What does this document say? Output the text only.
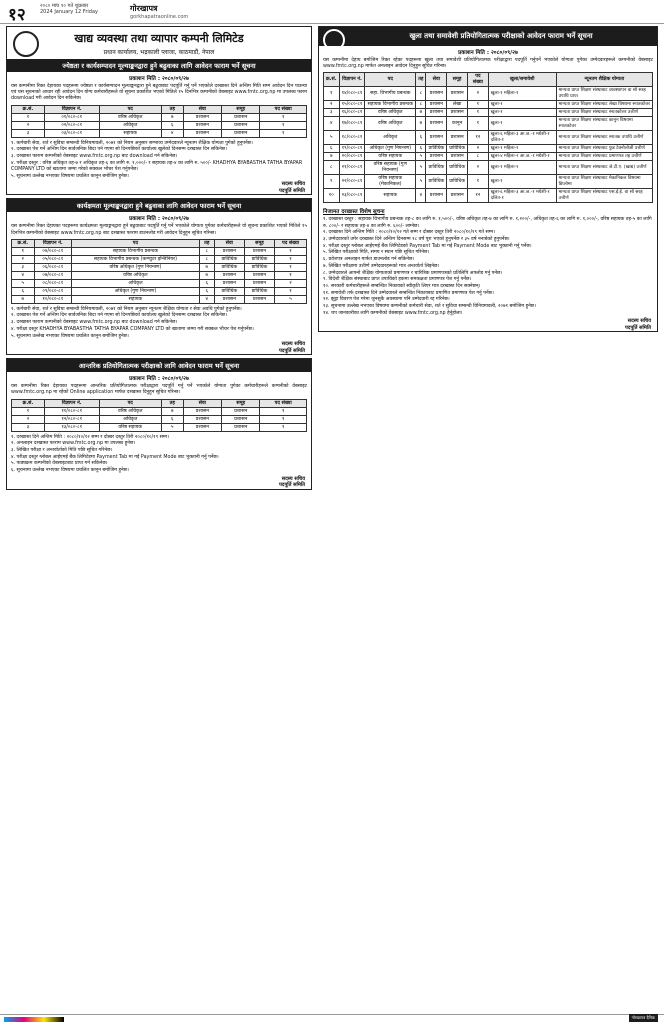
१२	२०८० माघ १० गते शुक्रबार
2024 January 12 Friday	गोरखापत्र
gorkhapatraonline.com
खाद्य व्यवस्था तथा व्यापार कम्पनी लिमिटेड
प्रधान कार्यालय, भद्रकाली प्लाजा, काठमाडौं, नेपाल
ज्येष्ठता र कार्यसम्पादन मूल्याङ्कनद्वारा हुने बढुवाका लागि आवेदन फाराम भर्ने सूचना
प्रकाशन मिति : २०८०/०९/२७
यस कम्पनीमा रिक्त देहायका पदहरूमा ज्येष्ठता र कार्यसम्पादन मूल्याङ्कनद्वारा हुने बढुवाबाट पदपूर्ति गर्नु पर्ने भएकोले दरखास्त दिने अन्तिम मिति सम्म आवेदन दिन पाउन्या एवं यस सूचनाको आधार रही आवेदन दिन योग्य कर्मचारीहरूले यो सूचना प्रकाशित भएको मितिले १५ दिनभित्र कम्पनीको वेबसाइट www.fmtc.org.np मा उपलब्ध फारम download गरी आवेदन दिन सकिनेछ।
क्र.सं.	विज्ञापन नं.	पद	तह	सेवा	समूह	पद संख्या
१	०१/०८०-८१	वरिष्ठ अधिकृत	७	प्रशासन	प्रशासन	१
२	०२/०८०-८१	अधिकृत	६	प्रशासन	प्रशासन	१
३	०३/०८०-८१	सहायक	४	प्रशासन	प्रशासन	१
१. कर्मचारी सेवा, शर्त र सुविधा सम्बन्धी विनियमावली, २०७१ को नियम अनुसार सम्भाव्य उम्मेदवारले न्यूनतम शैक्षिक योग्यता पुगेको हुनुपर्नेछ।
२. दरखास्त पेश गर्ने अन्तिम दिन सार्वजनिक बिदा पर्न गएमा सो दिनपछिको कार्यालय खुलेको दिनसम्म दरखास्त दिन सकिनेछ।
३. दरखास्त फाराम कम्पनीको वेबसाइट www.fmtc.org.np बाट download गर्न सकिनेछ।
४. परीक्षा दस्तुर : वरिष्ठ अधिकृत तह-७ र अधिकृत तह-६ का लागि रु. १,०००/- र सहायक तह-४ का लागि रु. ५००/- KHADHYA BYABASTHA TATHA BYAPAR COMPANY LTD को खातामा जम्मा गरेको सक्कल भौचर पेश गर्नुपर्नेछ।
५. सूचनामा उल्लेख नभएका विषयमा प्रचलित कानुन बमोजिम हुनेछ।
सदस्य सचिव
पदपूर्ति समिति
कार्यक्षमता मूल्याङ्कनद्वारा हुने बढुवाका लागि आवेदन फाराम भर्ने सूचना
प्रकाशन मिति : २०८०/०९/२७
यस कम्पनीमा रिक्त देहायका पदहरूमा कार्यक्षमता मूल्याङ्कनद्वारा हुने बढुवाबाट पदपूर्ति गर्नु पर्ने भएकोले योग्यता पुगेका कर्मचारीहरूले यो सूचना प्रकाशित भएको मितिले १५ दिनभित्र कम्पनीको वेबसाइट www.fmtc.org.np बाट दरखास्त फाराम डाउनलोड गरी आवेदन दिनुहुन सूचित गरिन्छ।
क्र.सं.	विज्ञापन नं.	पद	तह	सेवा	समूह	पद संख्या
१	०४/०८०-८१	सहायक विभागीय प्रबन्धक	८	प्रशासन	प्रशासन	१
२	०५/०८०-८१	सहायक विभागीय प्रबन्धक (कम्प्युटर इन्जिनियर)	८	प्राविधिक	प्राविधिक	१
३	०६/०८०-८१	वरिष्ठ अधिकृत (गुण नियन्त्रण)	७	प्राविधिक	प्राविधिक	१
४	०७/०८०-८१	वरिष्ठ अधिकृत	७	प्रशासन	प्रशासन	१
५	०८/०८०-८१	अधिकृत	६	प्रशासन	प्रशासन	२
६	०९/०८०-८१	अधिकृत (गुण नियन्त्रण)	६	प्राविधिक	प्राविधिक	१
७	१०/०८०-८१	सहायक	४	प्रशासन	प्रशासन	५
१. कर्मचारी सेवा, शर्त र सुविधा सम्बन्धी विनियमावली, २०७१ को नियम अनुसार न्यूनतम शैक्षिक योग्यता र सेवा अवधि पुगेको हुनुपर्नेछ।
२. दरखास्त पेश गर्ने अन्तिम दिन सार्वजनिक बिदा पर्न गएमा सो दिनपछिको कार्यालय खुलेको दिनसम्म दरखास्त दिन सकिनेछ।
३. दरखास्त फाराम कम्पनीको वेबसाइट www.fmtc.org.np बाट download गर्न सकिनेछ।
४. परीक्षा दस्तुर KHADHYA BYABASTHA TATHA BYAPAR COMPANY LTD को खातामा जम्मा गरी सक्कल भौचर पेश गर्नुपर्नेछ।
५. सूचनामा उल्लेख नभएका विषयमा प्रचलित कानुन बमोजिम हुनेछ।
सदस्य सचिव
पदपूर्ति समिति
आन्तरिक प्रतियोगितात्मक परीक्षाको लागि आवेदन फाराम भर्ने सूचना
प्रकाशन मिति : २०८०/०९/२७
यस कम्पनीमा रिक्त देहायका पदहरूमा आन्तरिक प्रतियोगितात्मक परीक्षाद्वारा पदपूर्ति गर्नु पर्ने भएकोले योग्यता पुगेका कर्मचारीहरूले कम्पनीको वेबसाइट www.fmtc.org.np मा रहेको Online application मार्फत दरखास्त दिनुहुन सूचित गरिन्छ।
क्र.सं.	विज्ञापन नं.	पद	तह	सेवा	समूह	पद संख्या
१	११/०८०-८१	वरिष्ठ अधिकृत	७	प्रशासन	प्रशासन	१
२	१२/०८०-८१	अधिकृत	६	प्रशासन	प्रशासन	१
३	१३/०८०-८१	वरिष्ठ सहायक	५	प्रशासन	प्रशासन	१
१. दरखास्त दिने अन्तिम मिति : २०८०/१०/१२ सम्म र दोब्बर दस्तुर तिरी २०८०/१०/१९ सम्म।
२. अनलाइन दरखास्त फाराम www.fmtc.org.np मा उपलब्ध हुनेछ।
३. लिखित परीक्षा र अन्तर्वार्ताको मिति पछि सूचित गरिनेछ।
४. परीक्षा दस्तुर ग्लोबल आईएमई बैंक लिमिटेडमा Payment Tab मा गई Payment Mode बाट भुक्तानी गर्नु पर्नेछ।
५. पाठ्यक्रम कम्पनीको वेबसाइटबाट प्राप्त गर्न सकिनेछ।
६. सूचनामा उल्लेख नभएका विषयमा प्रचलित कानुन बमोजिम हुनेछ।
सदस्य सचिव
पदपूर्ति समिति
खुला तथा समावेशी प्रतियोगितात्मक परीक्षाको आवेदन फाराम भर्ने सूचना
प्रकाशन मिति : २०८०/०९/२७
यस कम्पनीमा देहाय बमोजिम रिक्त रहेका पदहरूमा खुला तथा समावेशी प्रतियोगितात्मक परीक्षाद्वारा पदपूर्ति गर्नुपर्ने भएकोले योग्यता पुगेका उम्मेदवारहरूले कम्पनीको वेबसाइट www.fmtc.org.np मार्फत अनलाइन आवेदन दिनुहुन सूचित गरिन्छ।
क्र.सं.	विज्ञापन नं.	पद	तह	सेवा	समूह	पद संख्या	खुला/समावेशी	न्यूनतम शैक्षिक योग्यता
१	१४/०८०-८१	सहा. विभागीय प्रबन्धक	८	प्रशासन	प्रशासन	२	खुला-१ महिला-१	मान्यता प्राप्त शिक्षण संस्थाबाट व्यवस्थापन वा सो सरह उपाधि प्राप्त
२	१५/०८०-८१	सहायक विभागीय प्रबन्धक	८	प्रशासन	लेखा	१	खुला-१	मान्यता प्राप्त शिक्षण संस्थाबाट लेखा विषयमा स्नातकोत्तर
३	१६/०८०-८१	वरिष्ठ अधिकृत	७	प्रशासन	प्रशासन	१	खुला-१	मान्यता प्राप्त शिक्षण संस्थाबाट स्नातकोत्तर उत्तीर्ण
४	१७/०८०-८१	वरिष्ठ अधिकृत	७	प्रशासन	कानुन	१	खुला-१	मान्यता प्राप्त शिक्षण संस्थाबाट कानुन विषयमा स्नातकोत्तर
५	१८/०८०-८१	अधिकृत	६	प्रशासन	प्रशासन	१२	खुला-६ महिला-३ आ.ज.-१ मधेशी-१ दलित-१	मान्यता प्राप्त शिक्षण संस्थाबाट स्नातक उपाधि उत्तीर्ण
६	१९/०८०-८१	अधिकृत (गुण नियन्त्रण)	६	प्राविधिक	प्राविधिक	२	खुला-१ महिला-१	मान्यता प्राप्त शिक्षण संस्थाबाट फुड टेक्नोलोजी उत्तीर्ण
७	२०/०८०-८१	वरिष्ठ सहायक	५	प्रशासन	प्रशासन	८	खुला-४ महिला-२ आ.ज.-१ मधेशी-१	मान्यता प्राप्त शिक्षण संस्थाबाट प्रमाणपत्र तह उत्तीर्ण
८	२१/०८०-८१	वरिष्ठ सहायक (गुण नियन्त्रण)	५	प्राविधिक	प्राविधिक	२	खुला-१ महिला-१	मान्यता प्राप्त शिक्षण संस्थाबाट जे.टी.ए. (खाद्य) उत्तीर्ण
९	२२/०८०-८१	वरिष्ठ सहायक (मेकानिकल)	५	प्राविधिक	प्राविधिक	१	खुला-१	मान्यता प्राप्त शिक्षण संस्थाबाट मेकानिकल विषयमा डिप्लोमा
१०	२३/०८०-८१	सहायक	४	प्रशासन	प्रशासन	१२	खुला-६ महिला-३ आ.ज.-१ मधेशी-१ दलित-१	मान्यता प्राप्त शिक्षण संस्थाबाट एस.ई.ई. वा सो सरह उत्तीर्ण
निजामत दरखास्त विशेष सूचना
१. दरखास्त दस्तुर : सहायक विभागीय प्रबन्धक तह-८ का लागि रु. १,५००/-, वरिष्ठ अधिकृत तह-७ का लागि रु. १,२००/-, अधिकृत तह-६ का लागि रु. १,०००/-, वरिष्ठ सहायक तह-५ का लागि रु. ८००/- र सहायक तह-४ का लागि रु. ६००/- लाग्नेछ।
२. दरखास्त दिने अन्तिम मिति : २०८०/१०/१२ गते सम्म र दोब्बर दस्तुर तिरी २०८०/१०/१९ गते सम्म।
३. उम्मेदवारको उमेर दरखास्त दिने अन्तिम दिनसम्म १८ वर्ष पूरा भएको हुनुपर्नेछ र ३५ वर्ष ननाघेको हुनुपर्नेछ।
४. परीक्षा दस्तुर ग्लोबल आईएमई बैंक लिमिटेडको Payment Tab मा गई Payment Mode बाट भुक्तानी गर्नु पर्नेछ।
५. लिखित परीक्षाको मिति, समय र स्थान पछि सूचित गरिनेछ।
६. प्रवेशपत्र अनलाइन मार्फत डाउनलोड गर्न सकिनेछ।
७. लिखित परीक्षामा उत्तीर्ण उम्मेदवारहरूको मात्र अन्तर्वार्ता लिइनेछ।
८. उम्मेदवारले आफ्नो शैक्षिक योग्यताको प्रमाणपत्र र चारित्रिक प्रमाणपत्रको प्रतिलिपि अपलोड गर्नु पर्नेछ।
९. विदेशी शैक्षिक संस्थाबाट प्राप्त उपाधिको हकमा समकक्षता प्रमाणपत्र पेश गर्नु पर्नेछ।
१०. सरकारी कर्मचारीहरूले सम्बन्धित निकायको स्वीकृति लिएर मात्र दरखास्त दिन सक्नेछन्।
११. समावेशी तर्फ दरखास्त दिने उम्मेदवारले सम्बन्धित निकायबाट प्रमाणित प्रमाणपत्र पेश गर्नु पर्नेछ।
१२. झुट्टा विवरण पेश गरेमा जुनसुकै अवस्थामा पनि उम्मेदवारी रद्द गरिनेछ।
१३. सूचनामा उल्लेख नभएका विषयमा कम्पनीको कर्मचारी सेवा, शर्त र सुविधा सम्बन्धी विनियमावली, २०७१ बमोजिम हुनेछ।
१४. थप जानकारीका लागि कम्पनीको वेबसाइट www.fmtc.org.np हेर्नुहोला।
सदस्य सचिव
पदपूर्ति समिति
गोरखापत्र दैनिक
